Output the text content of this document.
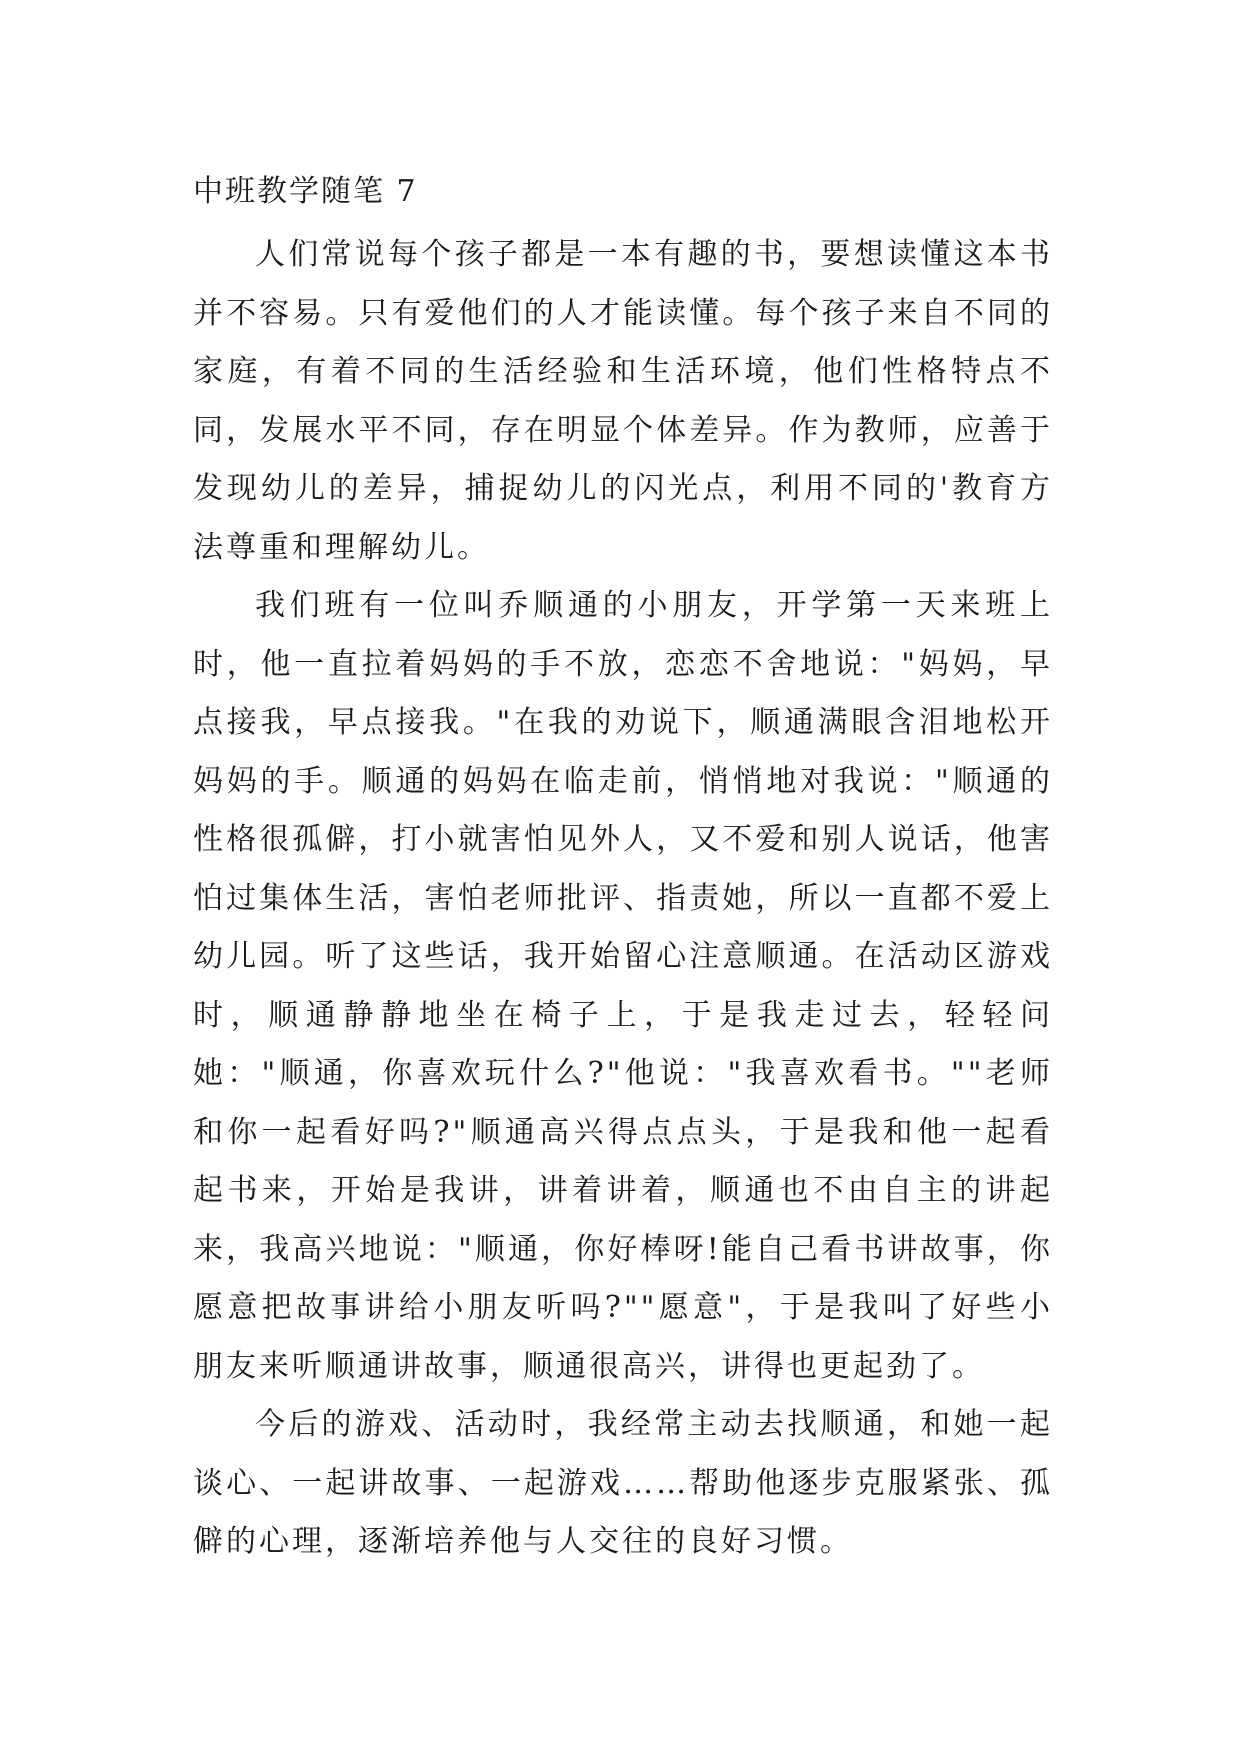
中班教学随笔 7

人们常说每个孩子都是一本有趣的书，要想读懂这本书并不容易。只有爱他们的人才能读懂。每个孩子来自不同的家庭，有着不同的生活经验和生活环境，他们性格特点不同，发展水平不同，存在明显个体差异。作为教师，应善于发现幼儿的差异，捕捉幼儿的闪光点，利用不同的'教育方法尊重和理解幼儿。

我们班有一位叫乔顺通的小朋友，开学第一天来班上时，他一直拉着妈妈的手不放，恋恋不舍地说："妈妈，早点接我，早点接我。"在我的劝说下，顺通满眼含泪地松开妈妈的手。顺通的妈妈在临走前，悄悄地对我说："顺通的性格很孤僻，打小就害怕见外人，又不爱和别人说话，他害怕过集体生活，害怕老师批评、指责她，所以一直都不爱上幼儿园。听了这些话，我开始留心注意顺通。在活动区游戏时，顺通静静地坐在椅子上，于是我走过去，轻轻问她："顺通，你喜欢玩什么?"他说："我喜欢看书。""老师和你一起看好吗?"顺通高兴得点点头，于是我和他一起看起书来，开始是我讲，讲着讲着，顺通也不由自主的讲起来，我高兴地说："顺通，你好棒呀!能自己看书讲故事，你愿意把故事讲给小朋友听吗?""愿意"，于是我叫了好些小朋友来听顺通讲故事，顺通很高兴，讲得也更起劲了。

今后的游戏、活动时，我经常主动去找顺通，和她一起谈心、一起讲故事、一起游戏……帮助他逐步克服紧张、孤僻的心理，逐渐培养他与人交往的良好习惯。
